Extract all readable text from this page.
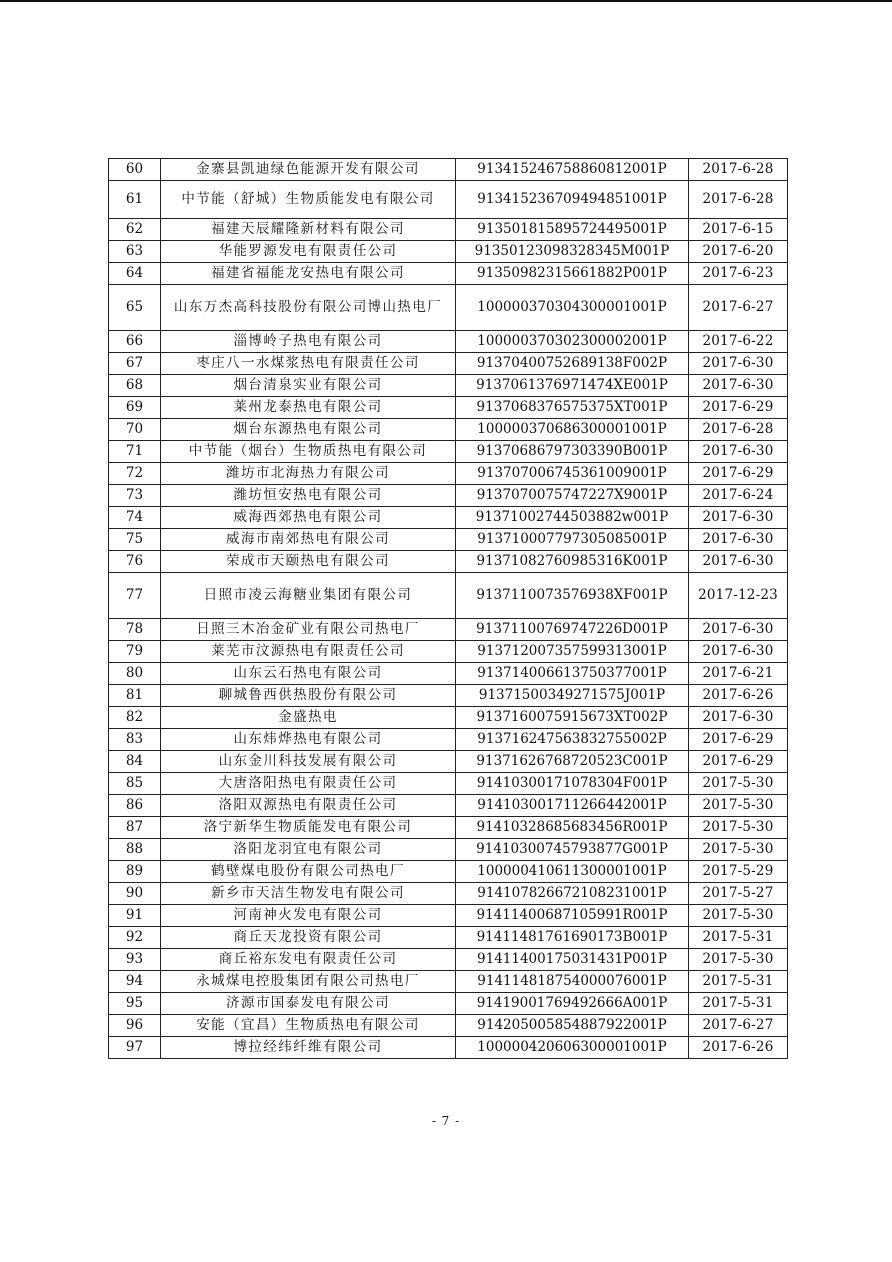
60	金寨县凯迪绿色能源开发有限公司	913415246758860812001P	2017-6-28
61	中节能（舒城）生物质能发电有限公司	913415236709494851001P	2017-6-28
62	福建天辰耀隆新材料有限公司	913501815895724495001P	2017-6-15
63	华能罗源发电有限责任公司	91350123098328345M001P	2017-6-20
64	福建省福能龙安热电有限公司	91350982315661882P001P	2017-6-23
65	山东万杰高科技股份有限公司博山热电厂	100000370304300001001P	2017-6-27
66	淄博岭子热电有限公司	100000370302300002001P	2017-6-22
67	枣庄八一水煤浆热电有限责任公司	91370400752689138F002P	2017-6-30
68	烟台清泉实业有限公司	9137061376971474XE001P	2017-6-30
69	莱州龙泰热电有限公司	9137068376575375XT001P	2017-6-29
70	烟台东源热电有限公司	100000370686300001001P	2017-6-28
71	中节能（烟台）生物质热电有限公司	91370686797303390B001P	2017-6-30
72	潍坊市北海热力有限公司	913707006745361009001P	2017-6-29
73	潍坊恒安热电有限公司	9137070075747227X9001P	2017-6-24
74	威海西郊热电有限公司	91371002744503882w001P	2017-6-30
75	威海市南郊热电有限公司	913710007797305085001P	2017-6-30
76	荣成市天颐热电有限公司	91371082760985316K001P	2017-6-30
77	日照市凌云海糖业集团有限公司	9137110073576938XF001P	2017-12-23
78	日照三木冶金矿业有限公司热电厂	91371100769747226D001P	2017-6-30
79	莱芜市汶源热电有限责任公司	913712007357599313001P	2017-6-30
80	山东云石热电有限公司	913714006613750377001P	2017-6-21
81	聊城鲁西供热股份有限公司	91371500349271575J001P	2017-6-26
82	金盛热电	9137160075915673XT002P	2017-6-30
83	山东炜烨热电有限公司	913716247563832755002P	2017-6-29
84	山东金川科技发展有限公司	91371626768720523C001P	2017-6-29
85	大唐洛阳热电有限责任公司	91410300171078304F001P	2017-5-30
86	洛阳双源热电有限责任公司	914103001711266442001P	2017-5-30
87	洛宁新华生物质能发电有限公司	91410328685683456R001P	2017-5-30
88	洛阳龙羽宜电有限公司	91410300745793877G001P	2017-5-30
89	鹤壁煤电股份有限公司热电厂	100000410611300001001P	2017-5-29
90	新乡市天洁生物发电有限公司	914107826672108231001P	2017-5-27
91	河南神火发电有限公司	91411400687105991R001P	2017-5-30
92	商丘天龙投资有限公司	91411481761690173B001P	2017-5-31
93	商丘裕东发电有限责任公司	91411400175031431P001P	2017-5-30
94	永城煤电控股集团有限公司热电厂	914114818754000076001P	2017-5-31
95	济源市国泰发电有限公司	91419001769492666A001P	2017-5-31
96	安能（宜昌）生物质热电有限公司	914205005854887922001P	2017-6-27
97	博拉经纬纤维有限公司	100000420606300001001P	2017-6-26
- 7 -
